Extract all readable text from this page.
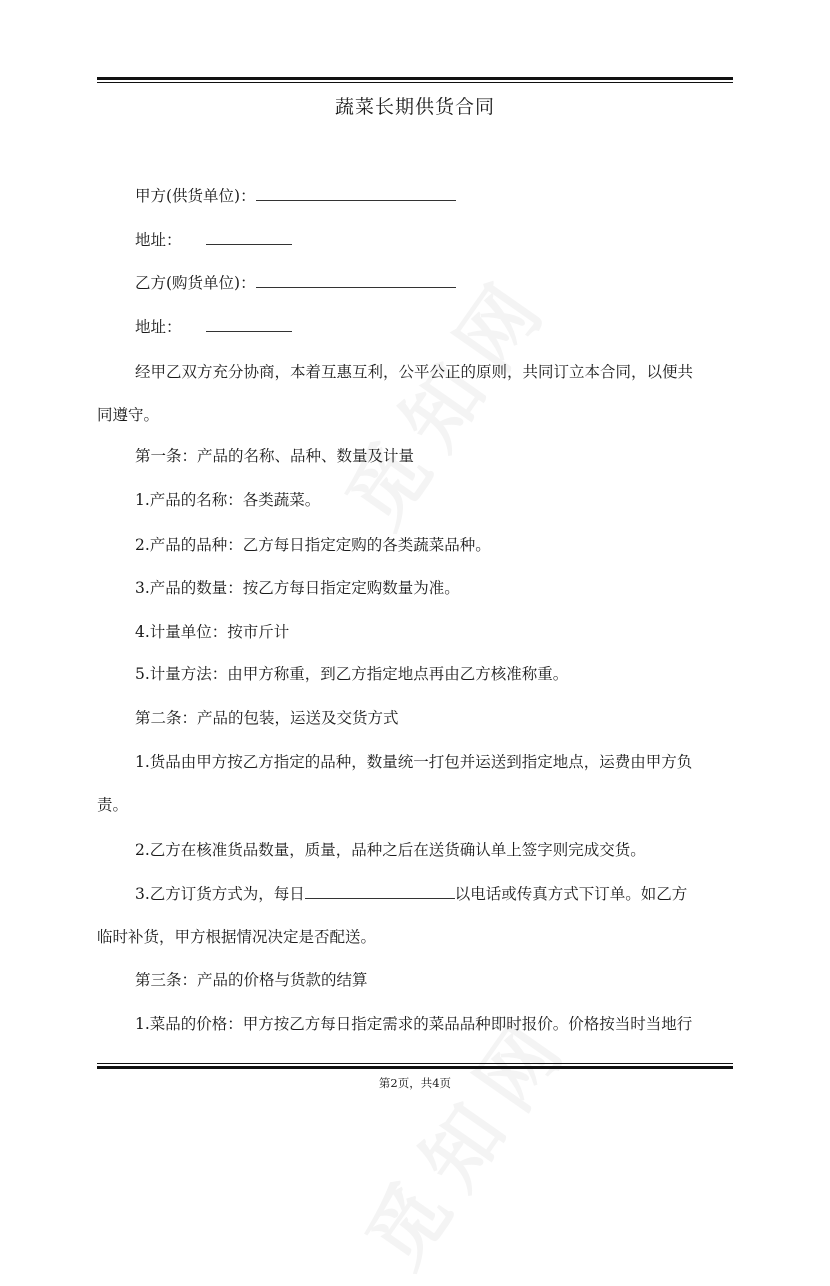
蔬菜长期供货合同
甲方(供货单位)：
地址：
乙方(购货单位)：
地址：
经甲乙双方充分协商，本着互惠互利，公平公正的原则，共同订立本合同，以便共
同遵守。
第一条：产品的名称、品种、数量及计量
1.产品的名称：各类蔬菜。
2.产品的品种：乙方每日指定定购的各类蔬菜品种。
3.产品的数量：按乙方每日指定定购数量为准。
4.计量单位：按市斤计
5.计量方法：由甲方称重，到乙方指定地点再由乙方核准称重。
第二条：产品的包装，运送及交货方式
1.货品由甲方按乙方指定的品种，数量统一打包并运送到指定地点，运费由甲方负
责。
2.乙方在核准货品数量，质量，品种之后在送货确认单上签字则完成交货。
3.乙方订货方式为，每日	以电话或传真方式下订单。如乙方
临时补货，甲方根据情况决定是否配送。
第三条：产品的价格与货款的结算
1.菜品的价格：甲方按乙方每日指定需求的菜品品种即时报价。价格按当时当地行
第2页，共4页
